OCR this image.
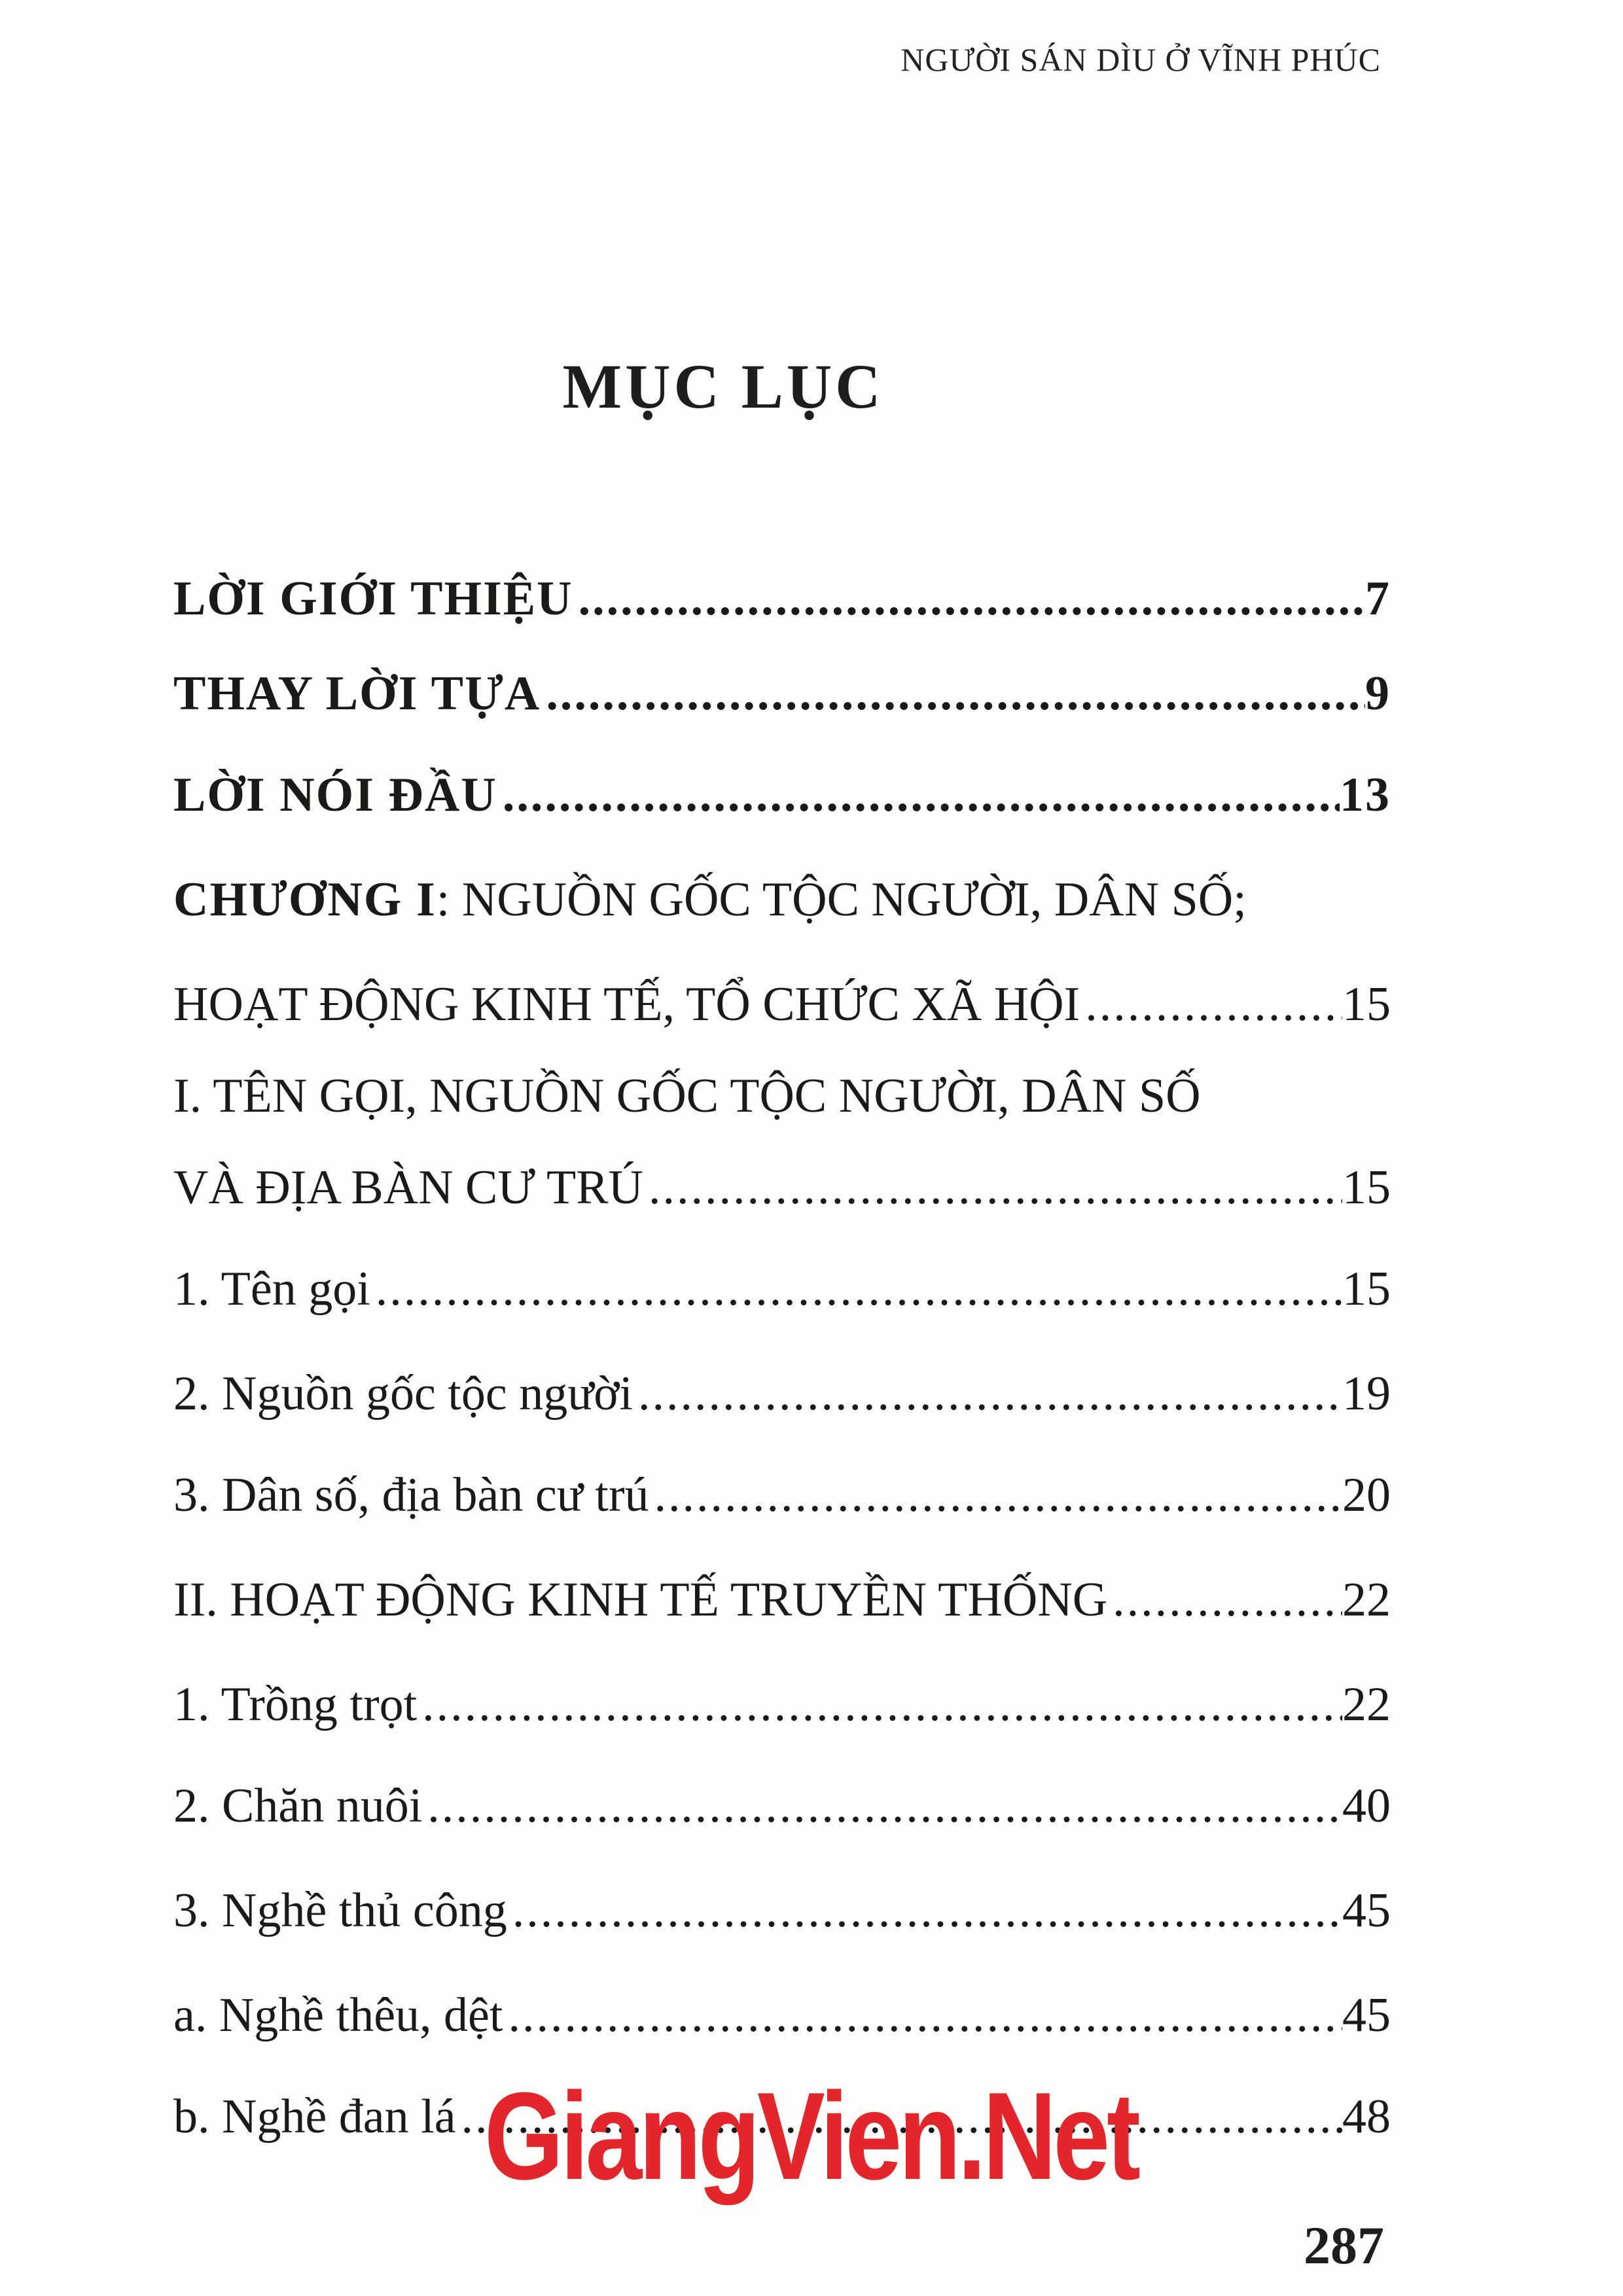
NGƯỜI SÁN DÌU Ở VĨNH PHÚC
MỤC LỤC
LỜI GIỚI THIỆU .....	7
THAY LỜI TỰA .....	9
LỜI NÓI ĐẦU .....	13
CHƯƠNG I: NGUỒN GỐC TỘC NGƯỜI, DÂN SỐ;
HOẠT ĐỘNG KINH TẾ, TỔ CHỨC XÃ HỘI .....	15
I. TÊN GỌI, NGUỒN GỐC TỘC NGƯỜI, DÂN SỐ
VÀ ĐỊA BÀN CƯ TRÚ .....	15
1. Tên gọi .....	15
2. Nguồn gốc tộc người .....	19
3. Dân số, địa bàn cư trú .....	20
II. HOẠT ĐỘNG KINH TẾ TRUYỀN THỐNG .....	22
1. Trồng trọt .....	22
2. Chăn nuôi .....	40
3. Nghề thủ công .....	45
a. Nghề thêu, dệt .....	45
b. Nghề đan lá .....	48
GiangVien.Net
287
